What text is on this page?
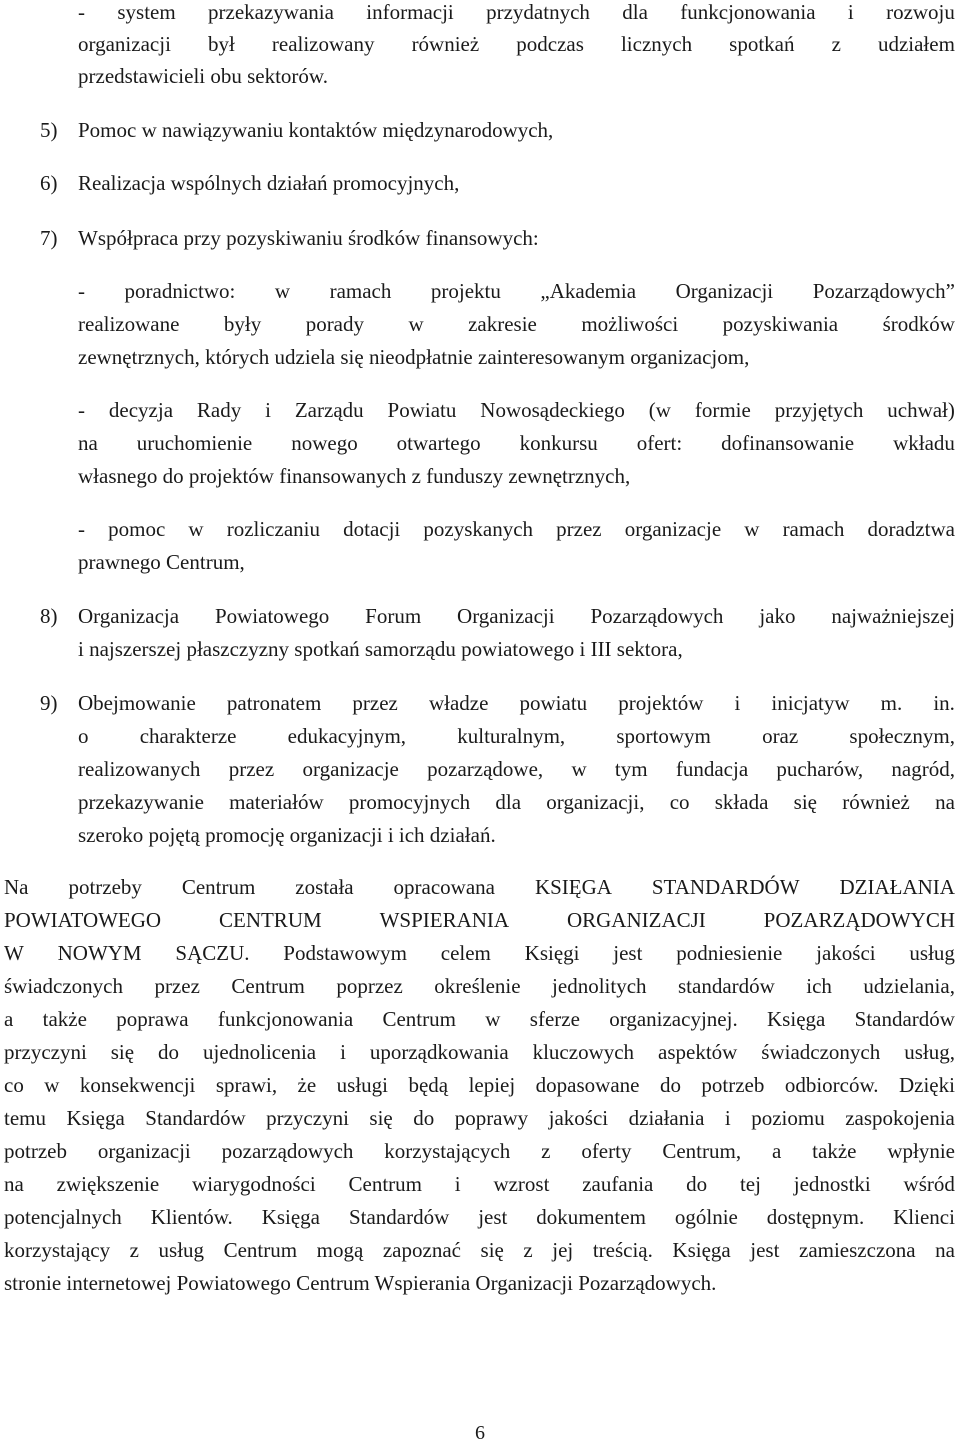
- system przekazywania informacji przydatnych dla funkcjonowania i rozwoju
organizacji był realizowany również podczas licznych spotkań z udziałem
przedstawicieli obu sektorów.
5) Pomoc w nawiązywaniu kontaktów międzynarodowych,
6) Realizacja wspólnych działań promocyjnych,
7) Współpraca przy pozyskiwaniu środków finansowych:
- poradnictwo: w ramach projektu „Akademia Organizacji Pozarządowych”
realizowane były porady w zakresie możliwości pozyskiwania środków
zewnętrznych, których udziela się nieodpłatnie zainteresowanym organizacjom,
- decyzja Rady i Zarządu Powiatu Nowosądeckiego (w formie przyjętych uchwał)
na uruchomienie nowego otwartego konkursu ofert: dofinansowanie wkładu
własnego do projektów finansowanych z funduszy zewnętrznych,
- pomoc w rozliczaniu dotacji pozyskanych przez organizacje w ramach doradztwa
prawnego Centrum,
8) Organizacja Powiatowego Forum Organizacji Pozarządowych jako najważniejszej
i najszerszej płaszczyzny spotkań samorządu powiatowego i III sektora,
9) Obejmowanie patronatem przez władze powiatu projektów i inicjatyw m. in.
o charakterze edukacyjnym, kulturalnym, sportowym oraz społecznym,
realizowanych przez organizacje pozarządowe, w tym fundacja pucharów, nagród,
przekazywanie materiałów promocyjnych dla organizacji, co składa się również na
szeroko pojętą promocję organizacji i ich działań.
Na potrzeby Centrum została opracowana KSIĘGA STANDARDÓW DZIAŁANIA
POWIATOWEGO	CENTRUM	WSPIERANIA	ORGANIZACJI	POZARZĄDOWYCH
W NOWYM SĄCZU. Podstawowym celem Księgi jest podniesienie jakości usług
świadczonych przez Centrum poprzez określenie jednolitych standardów ich udzielania,
a także poprawa funkcjonowania Centrum w sferze organizacyjnej. Księga Standardów
przyczyni się do ujednolicenia i uporządkowania kluczowych aspektów świadczonych usług,
co w konsekwencji sprawi, że usługi będą lepiej dopasowane do potrzeb odbiorców. Dzięki
temu Księga Standardów przyczyni się do poprawy jakości działania i poziomu zaspokojenia
potrzeb organizacji pozarządowych korzystających z oferty Centrum, a także wpłynie
na zwiększenie wiarygodności Centrum i wzrost zaufania do tej jednostki wśród
potencjalnych Klientów. Księga Standardów jest dokumentem ogólnie dostępnym. Klienci
korzystający z usług Centrum mogą zapoznać się z jej treścią. Księga jest zamieszczona na
stronie internetowej Powiatowego Centrum Wspierania Organizacji Pozarządowych.
6
